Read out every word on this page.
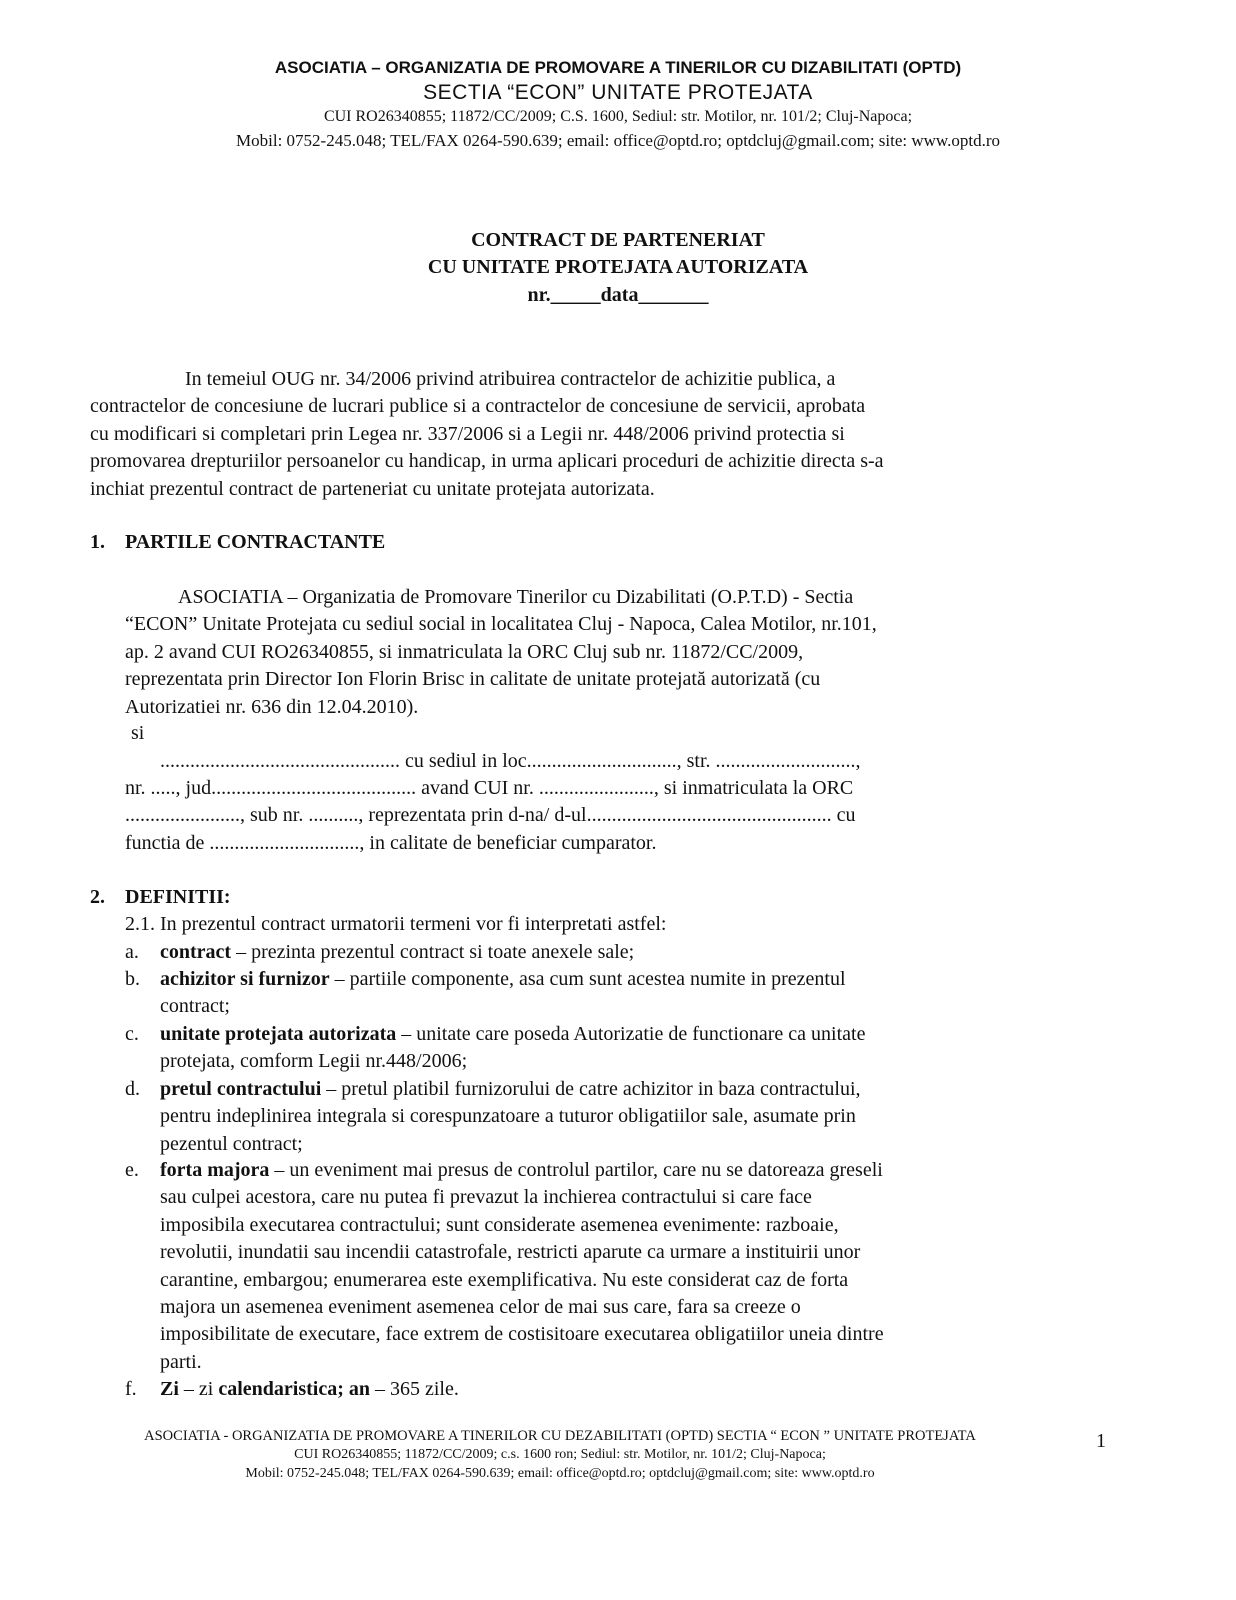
ASOCIATIA – ORGANIZATIA DE PROMOVARE A TINERILOR CU DIZABILITATI (OPTD)
SECTIA “ECON” UNITATE PROTEJATA
CUI RO26340855; 11872/CC/2009; C.S. 1600, Sediul: str. Motilor, nr. 101/2; Cluj-Napoca;
Mobil: 0752-245.048; TEL/FAX 0264-590.639; email: office@optd.ro; optdcluj@gmail.com; site: www.optd.ro
CONTRACT DE PARTENERIAT
CU UNITATE PROTEJATA AUTORIZATA
nr._____data_______
In temeiul OUG nr. 34/2006 privind atribuirea contractelor de achizitie publica, a
contractelor de concesiune de lucrari publice si a contractelor de concesiune de servicii, aprobata
cu modificari si completari prin Legea nr. 337/2006 si a Legii nr. 448/2006 privind protectia si
promovarea drepturiilor persoanelor cu handicap, in urma aplicari proceduri de achizitie directa s-a
inchiat prezentul contract de parteneriat cu unitate protejata autorizata.
1. PARTILE CONTRACTANTE
ASOCIATIA – Organizatia de Promovare Tinerilor cu Dizabilitati (O.P.T.D) - Sectia
“ECON” Unitate Protejata cu sediul social in localitatea Cluj - Napoca, Calea Motilor, nr.101,
ap. 2 avand CUI RO26340855, si inmatriculata la ORC Cluj sub nr. 11872/CC/2009,
reprezentata prin Director Ion Florin Brisc in calitate de unitate protejată autorizată (cu
Autorizatiei nr. 636 din 12.04.2010).
si
................................................ cu sediul in loc.............................., str. ............................,
nr. ....., jud......................................... avand CUI nr. ......................., si inmatriculata la ORC
......................., sub nr. .........., reprezentata prin d-na/ d-ul................................................. cu
functia de .............................., in calitate de beneficiar cumparator.
2. DEFINITII:
2.1. In prezentul contract urmatorii termeni vor fi interpretati astfel:
a. contract – prezinta prezentul contract si toate anexele sale;
b. achizitor si furnizor – partiile componente, asa cum sunt acestea numite in prezentul
contract;
c. unitate protejata autorizata – unitate care poseda Autorizatie de functionare ca unitate
protejata, comform Legii nr.448/2006;
d. pretul contractului – pretul platibil furnizorului de catre achizitor in baza contractului,
pentru indeplinirea integrala si corespunzatoare a tuturor obligatiilor sale, asumate prin
pezentul contract;
e. forta majora – un eveniment mai presus de controlul partilor, care nu se datoreaza greseli
sau culpei acestora, care nu putea fi prevazut la inchierea contractului si care face
imposibila executarea contractului; sunt considerate asemenea evenimente: razboaie,
revolutii, inundatii sau incendii catastrofale, restricti aparute ca urmare a instituirii unor
carantine, embargou; enumerarea este exemplificativa. Nu este considerat caz de forta
majora un asemenea eveniment asemenea celor de mai sus care, fara sa creeze o
imposibilitate de executare, face extrem de costisitoare executarea obligatiilor uneia dintre
parti.
f. Zi – zi calendaristica; an – 365 zile.
ASOCIATIA - ORGANIZATIA DE PROMOVARE A TINERILOR CU DEZABILITATI (OPTD) SECTIA “ ECON ” UNITATE PROTEJATA
CUI RO26340855; 11872/CC/2009; c.s. 1600 ron; Sediul: str. Motilor, nr. 101/2; Cluj-Napoca;
Mobil: 0752-245.048; TEL/FAX 0264-590.639; email: office@optd.ro; optdcluj@gmail.com; site: www.optd.ro
1
